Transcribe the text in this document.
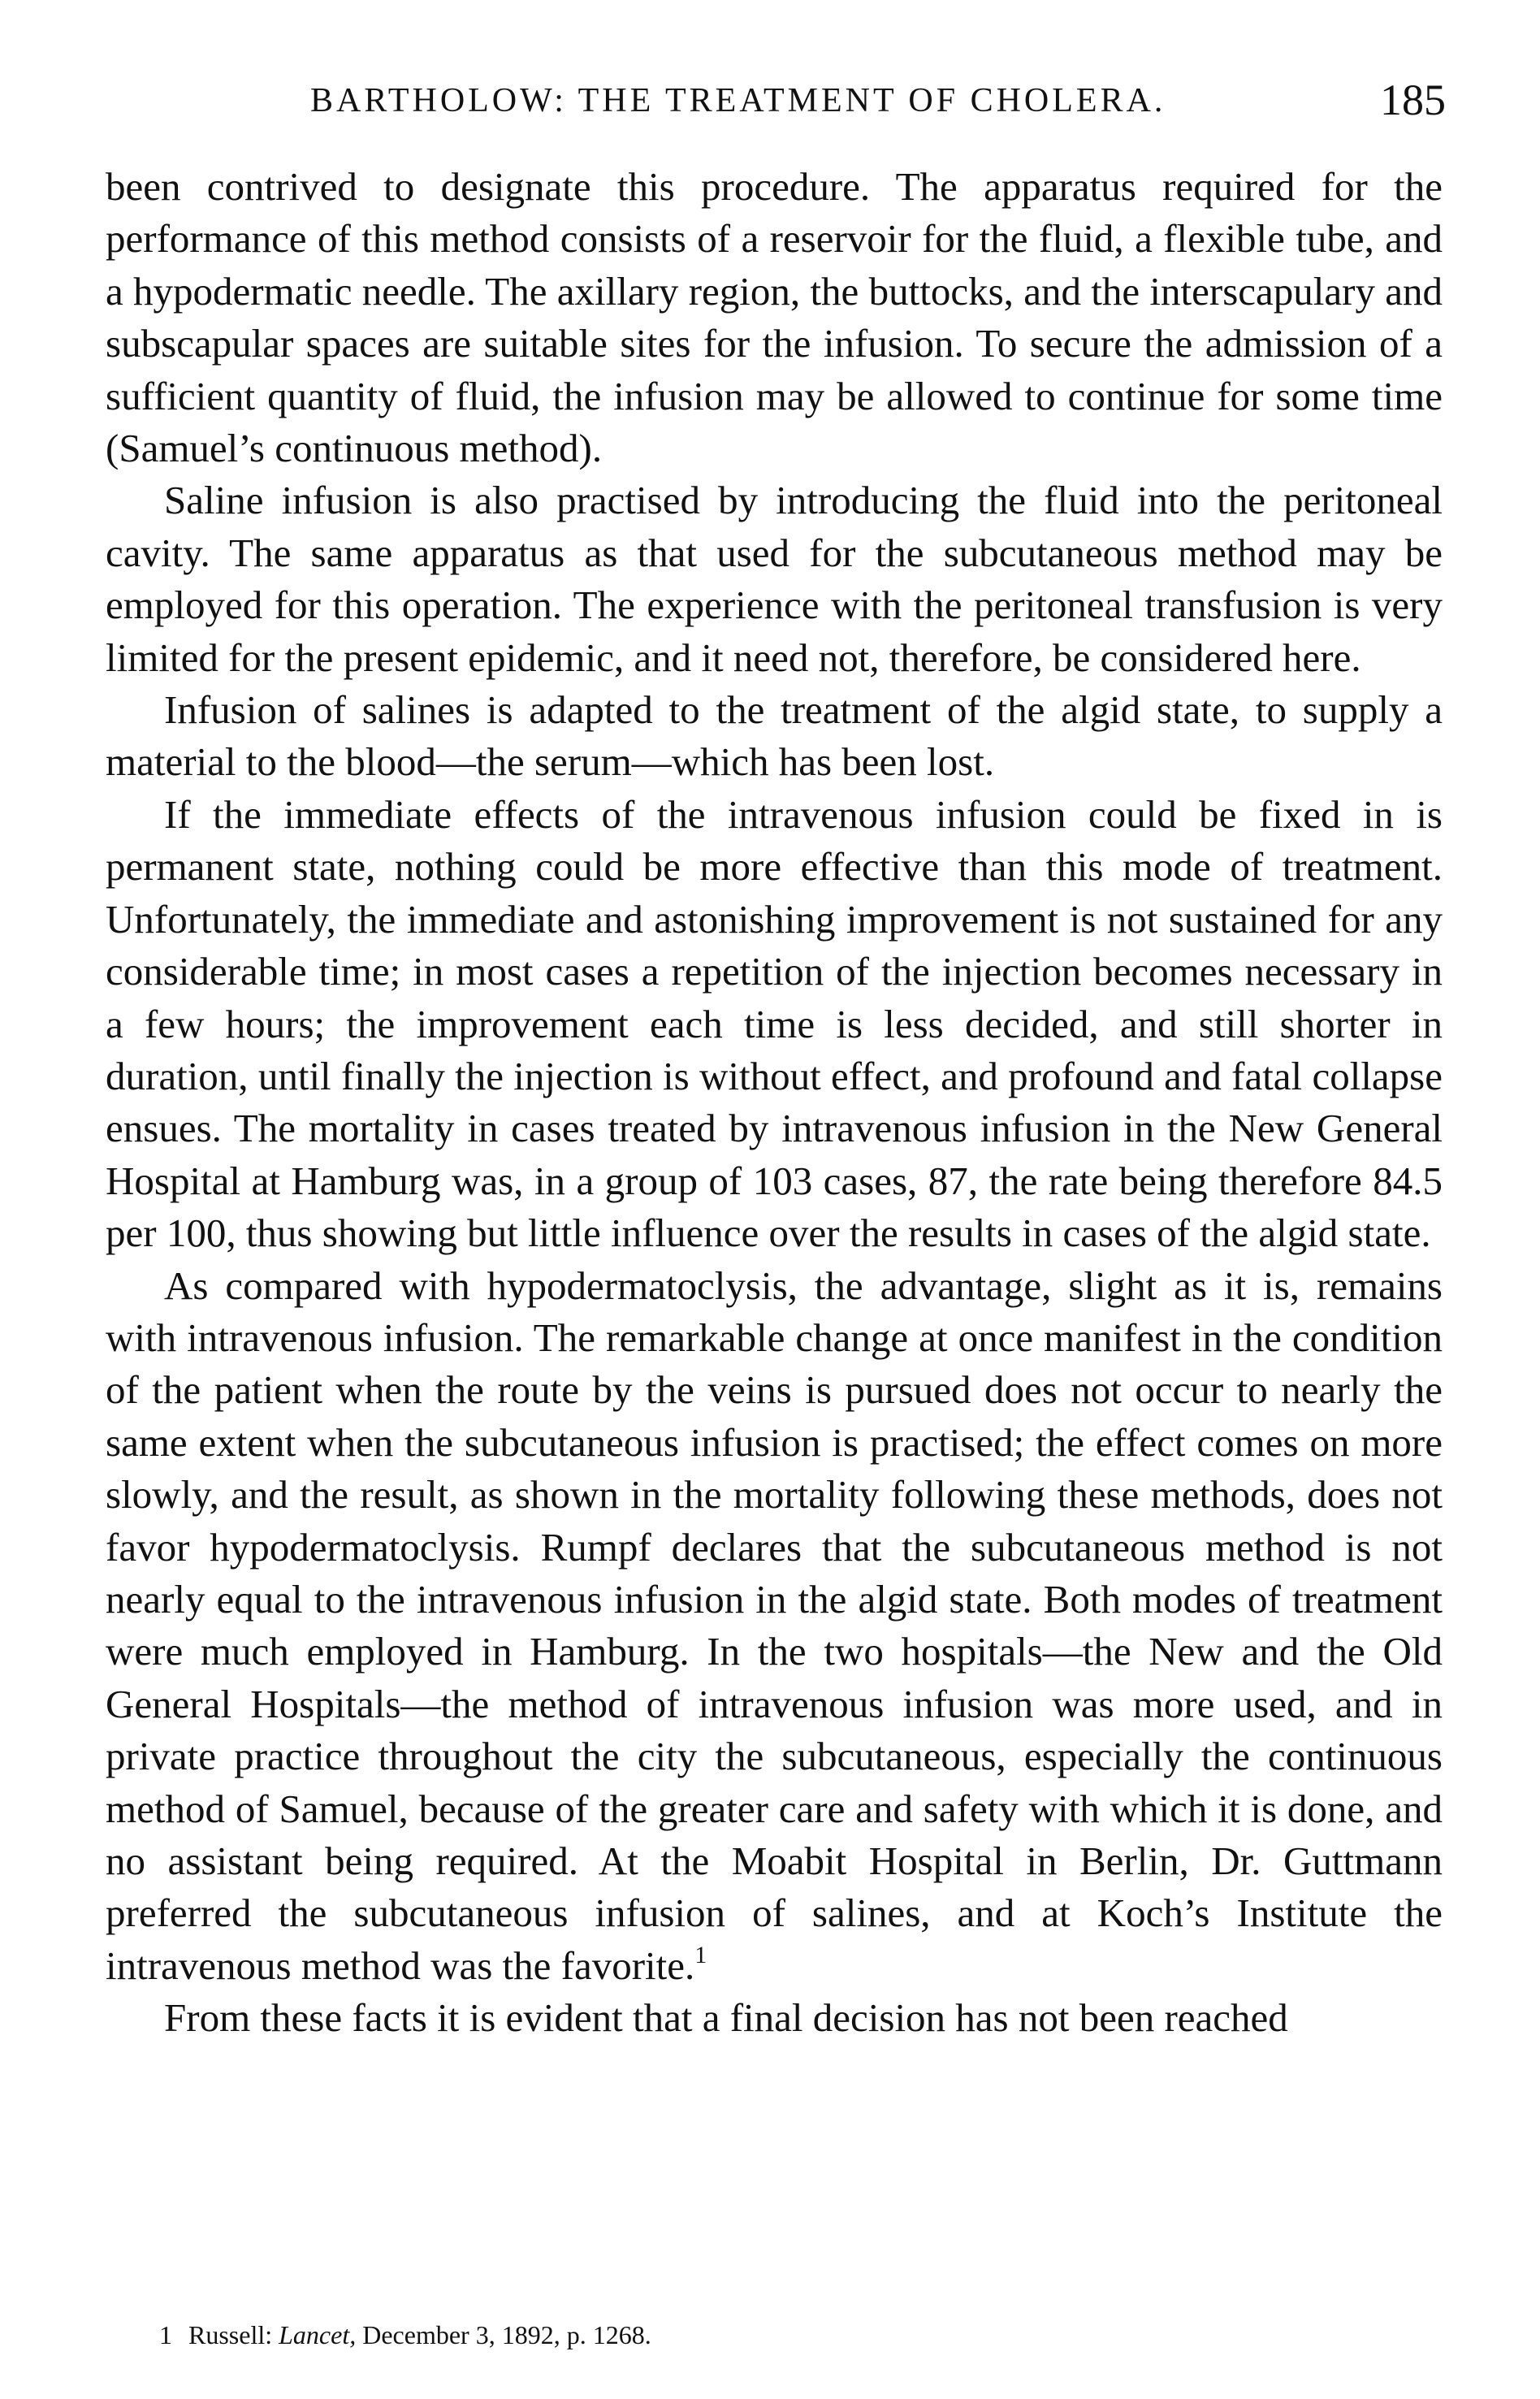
BARTHOLOW: THE TREATMENT OF CHOLERA.	185

been contrived to designate this procedure. The apparatus required for the performance of this method consists of a reservoir for the fluid, a flexible tube, and a hypodermatic needle. The axillary region, the buttocks, and the interscapulary and subscapular spaces are suitable sites for the infusion. To secure the admission of a sufficient quantity of fluid, the infusion may be allowed to continue for some time (Samuel’s continuous method).

Saline infusion is also practised by introducing the fluid into the peritoneal cavity. The same apparatus as that used for the subcutaneous method may be employed for this operation. The experience with the peritoneal transfusion is very limited for the present epidemic, and it need not, therefore, be considered here.

Infusion of salines is adapted to the treatment of the algid state, to supply a material to the blood—the serum—which has been lost.

If the immediate effects of the intravenous infusion could be fixed in is permanent state, nothing could be more effective than this mode of treatment. Unfortunately, the immediate and astonishing improvement is not sustained for any considerable time; in most cases a repetition of the injection becomes necessary in a few hours; the improvement each time is less decided, and still shorter in duration, until finally the injection is without effect, and profound and fatal collapse ensues. The mortality in cases treated by intravenous infusion in the New General Hospital at Hamburg was, in a group of 103 cases, 87, the rate being therefore 84.5 per 100, thus showing but little influence over the results in cases of the algid state.

As compared with hypodermatoclysis, the advantage, slight as it is, remains with intravenous infusion. The remarkable change at once manifest in the condition of the patient when the route by the veins is pursued does not occur to nearly the same extent when the subcutaneous infusion is practised; the effect comes on more slowly, and the result, as shown in the mortality following these methods, does not favor hypodermatoclysis. Rumpf declares that the subcutaneous method is not nearly equal to the intravenous infusion in the algid state. Both modes of treatment were much employed in Hamburg. In the two hospitals—the New and the Old General Hospitals—the method of intravenous infusion was more used, and in private practice throughout the city the subcutaneous, especially the continuous method of Samuel, because of the greater care and safety with which it is done, and no assistant being required. At the Moabit Hospital in Berlin, Dr. Guttmann preferred the subcutaneous infusion of salines, and at Koch’s Institute the intravenous method was the favorite.$^1$

From these facts it is evident that a final decision has not been reached

1 Russell: Lancet, December 3, 1892, p. 1268.
